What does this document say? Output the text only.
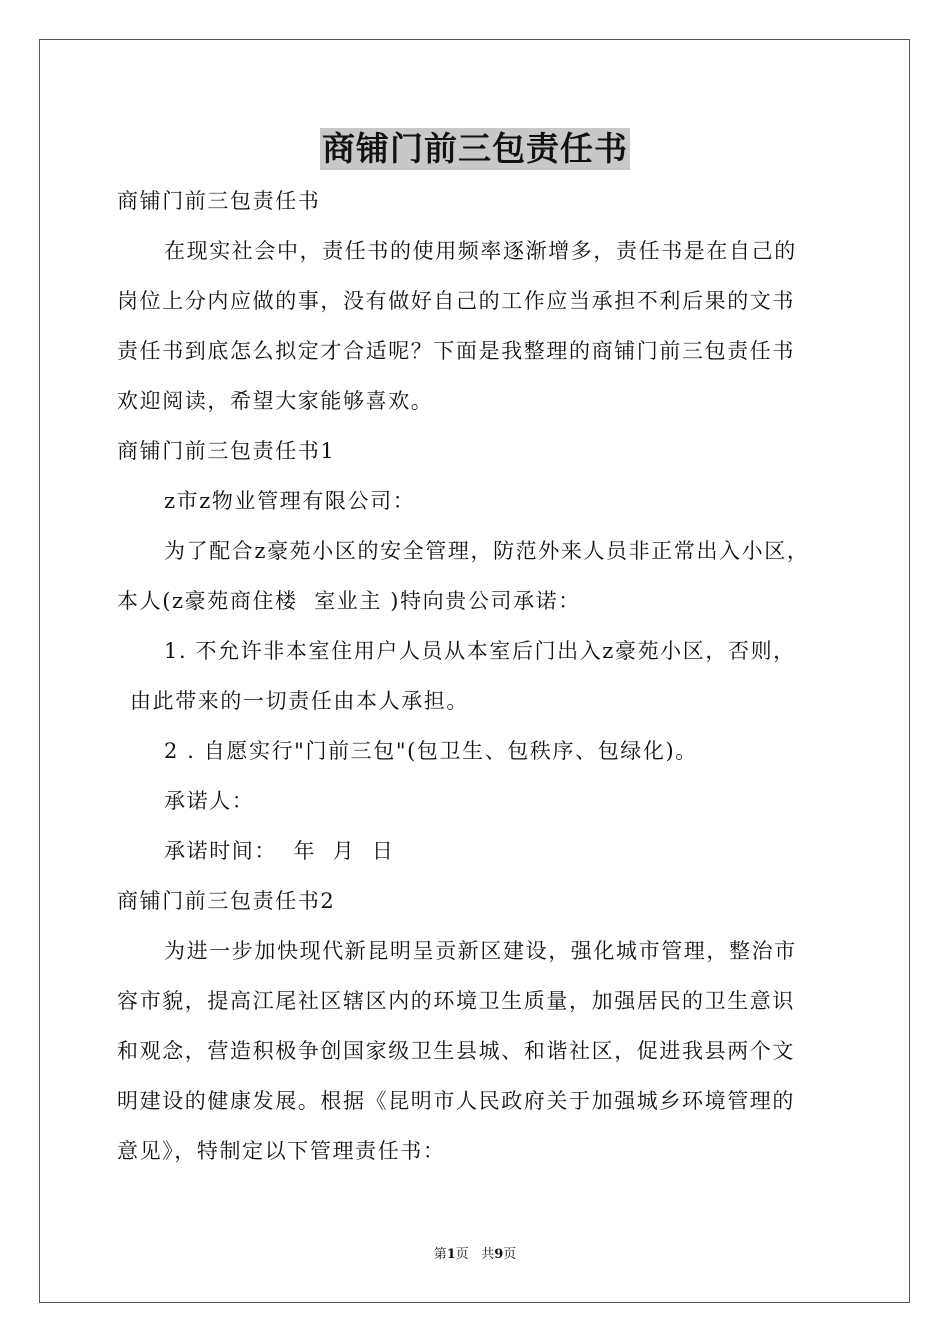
商铺门前三包责任书
商铺门前三包责任书
在现实社会中，责任书的使用频率逐渐增多，责任书是在自己的
岗位上分内应做的事，没有做好自己的工作应当承担不利后果的文书
责任书到底怎么拟定才合适呢？下面是我整理的商铺门前三包责任书
欢迎阅读，希望大家能够喜欢。
商铺门前三包责任书1
z市z物业管理有限公司：
为了配合z豪苑小区的安全管理，防范外来人员非正常出入小区，
本人(z豪苑商住楼  室业主 )特向贵公司承诺：
1. 不允许非本室住用户人员从本室后门出入z豪苑小区，否则，
由此带来的一切责任由本人承担。
2 . 自愿实行"门前三包"(包卫生、包秩序、包绿化)。
承诺人：
承诺时间：  年  月  日
商铺门前三包责任书2
为进一步加快现代新昆明呈贡新区建设，强化城市管理，整治市
容市貌，提高江尾社区辖区内的环境卫生质量，加强居民的卫生意识
和观念，营造积极争创国家级卫生县城、和谐社区，促进我县两个文
明建设的健康发展。根据《昆明市人民政府关于加强城乡环境管理的
意见》，特制定以下管理责任书：
第1页 共9页
